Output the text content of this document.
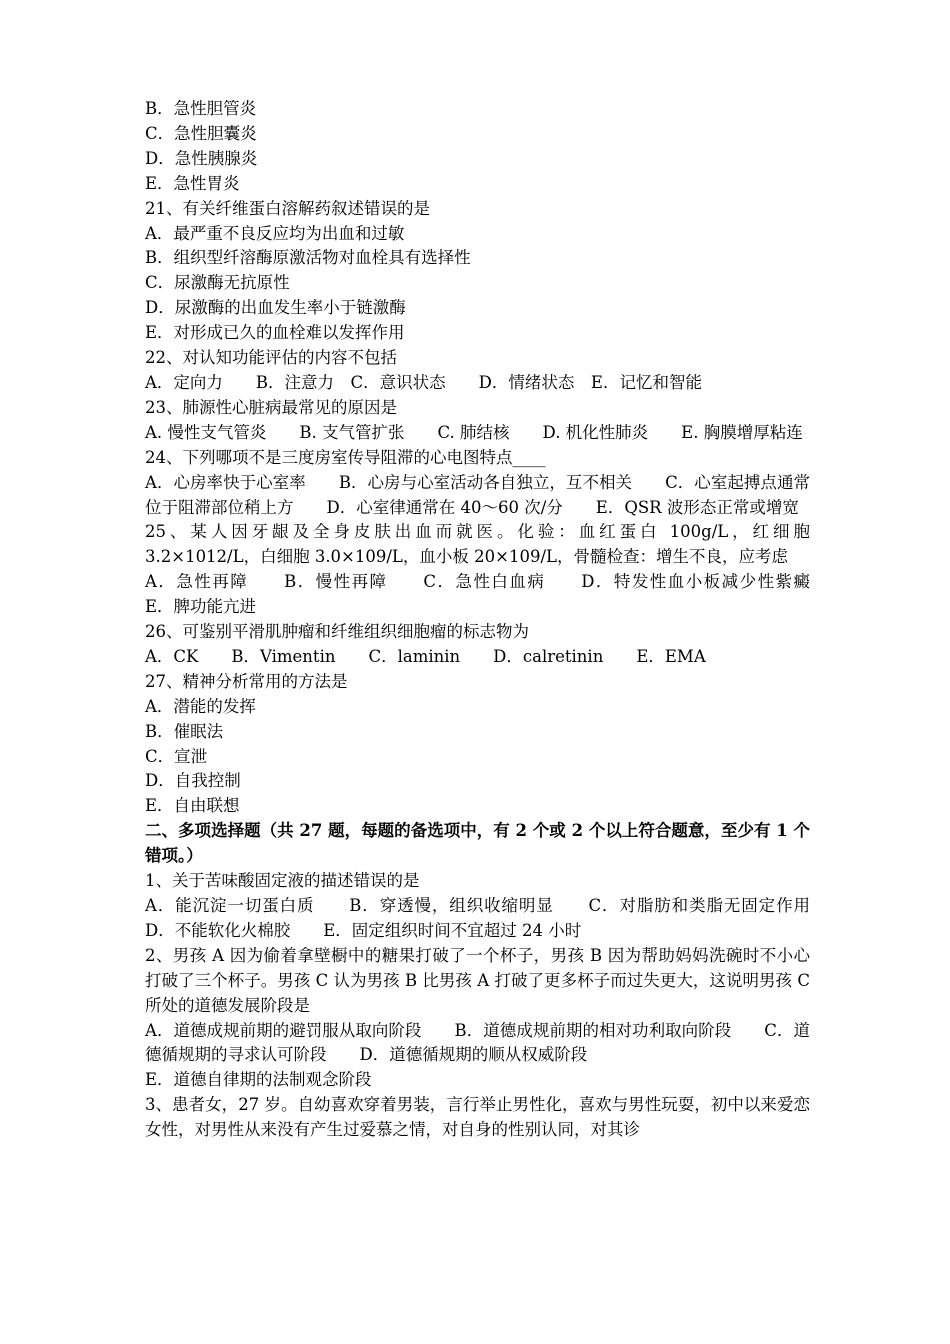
B．急性胆管炎
C．急性胆囊炎
D．急性胰腺炎
E．急性胃炎
21、有关纤维蛋白溶解药叙述错误的是
A．最严重不良反应均为出血和过敏
B．组织型纤溶酶原激活物对血栓具有选择性
C．尿激酶无抗原性
D．尿激酶的出血发生率小于链激酶
E．对形成已久的血栓难以发挥作用
22、对认知功能评估的内容不包括
A．定向力　　B．注意力　C．意识状态　　D．情绪状态　E．记忆和智能
23、肺源性心脏病最常见的原因是
A. 慢性支气管炎　　B. 支气管扩张　　C. 肺结核　　D. 机化性肺炎　　E. 胸膜增厚粘连
24、下列哪项不是三度房室传导阻滞的心电图特点____
A．心房率快于心室率　　B．心房与心室活动各自独立，互不相关　　C．心室起搏点通常位于阻滞部位稍上方　　D．心室律通常在 40～60 次/分　　E．QSR 波形态正常或增宽
25、某人因牙龈及全身皮肤出血而就医。化验：血红蛋白 100g/L，红细胞 3.2×1012/L，白细胞 3.0×109/L，血小板 20×109/L，骨髓检查：增生不良，应考虑
A．急性再障　　B．慢性再障　　C．急性白血病　　D．特发性血小板减少性紫癜　　E．脾功能亢进
26、可鉴别平滑肌肿瘤和纤维组织细胞瘤的标志物为
A．CK　　B．Vimentin　　C．laminin　　D．calretinin　　E．EMA
27、精神分析常用的方法是
A．潜能的发挥
B．催眠法
C．宣泄
D．自我控制
E．自由联想
二、多项选择题（共 27 题，每题的备选项中，有 2 个或 2 个以上符合题意，至少有 1 个错项。）
1、关于苦味酸固定液的描述错误的是
A．能沉淀一切蛋白质　　B．穿透慢，组织收缩明显　　C．对脂肪和类脂无固定作用　　D．不能软化火棉胶　　E．固定组织时间不宜超过 24 小时
2、男孩 A 因为偷着拿壁橱中的糖果打破了一个杯子，男孩 B 因为帮助妈妈洗碗时不小心打破了三个杯子。男孩 C 认为男孩 B 比男孩 A 打破了更多杯子而过失更大，这说明男孩 C 所处的道德发展阶段是
A．道德成规前期的避罚服从取向阶段　　B．道德成规前期的相对功利取向阶段　　C．道德循规期的寻求认可阶段　　D．道德循规期的顺从权威阶段
E．道德自律期的法制观念阶段
3、患者女，27 岁。自幼喜欢穿着男装，言行举止男性化，喜欢与男性玩耍，初中以来爱恋女性，对男性从来没有产生过爱慕之情，对自身的性别认同，对其诊
